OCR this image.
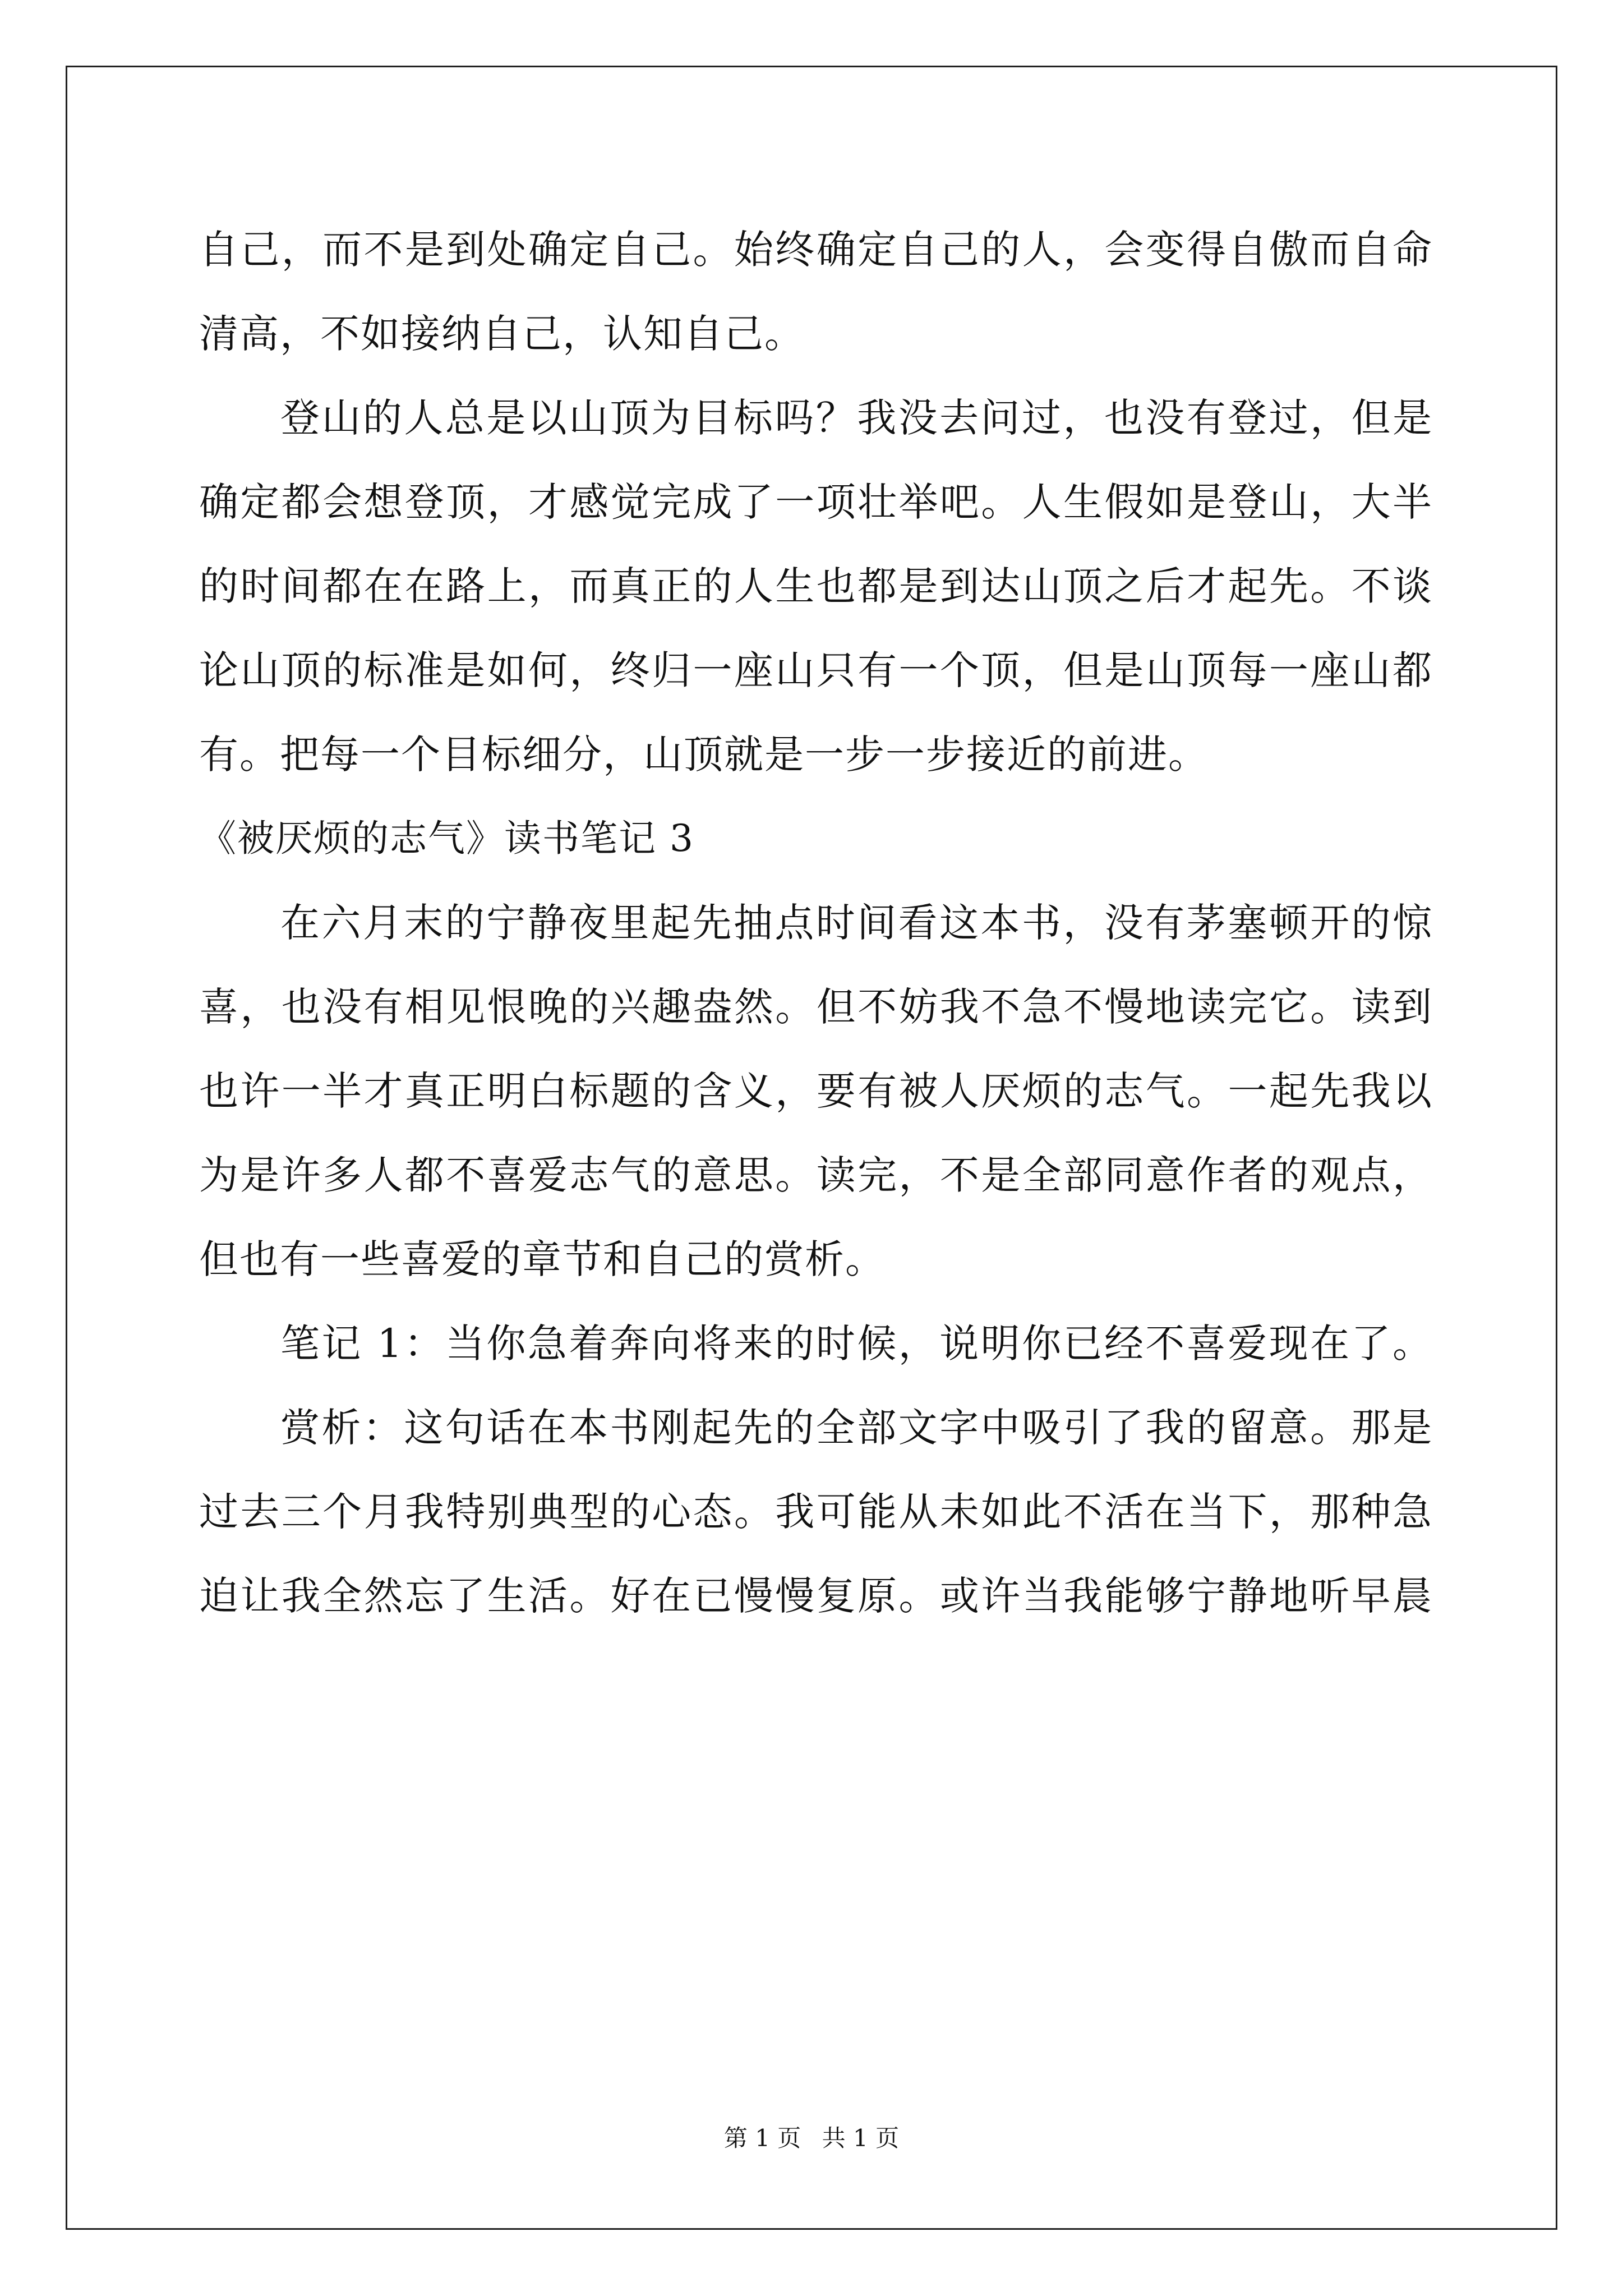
自己，而不是到处确定自己。始终确定自己的人，会变得自傲而自命
清高，不如接纳自己，认知自己。
登山的人总是以山顶为目标吗？我没去问过，也没有登过，但是
确定都会想登顶，才感觉完成了一项壮举吧。人生假如是登山，大半
的时间都在在路上，而真正的人生也都是到达山顶之后才起先。不谈
论山顶的标准是如何，终归一座山只有一个顶，但是山顶每一座山都
有。把每一个目标细分，山顶就是一步一步接近的前进。
《被厌烦的志气》读书笔记 3
在六月末的宁静夜里起先抽点时间看这本书，没有茅塞顿开的惊
喜，也没有相见恨晚的兴趣盎然。但不妨我不急不慢地读完它。读到
也许一半才真正明白标题的含义，要有被人厌烦的志气。一起先我以
为是许多人都不喜爱志气的意思。读完，不是全部同意作者的观点，
但也有一些喜爱的章节和自己的赏析。
笔记 1：当你急着奔向将来的时候，说明你已经不喜爱现在了。
赏析：这句话在本书刚起先的全部文字中吸引了我的留意。那是
过去三个月我特别典型的心态。我可能从未如此不活在当下，那种急
迫让我全然忘了生活。好在已慢慢复原。或许当我能够宁静地听早晨
第 1 页 共 1 页
